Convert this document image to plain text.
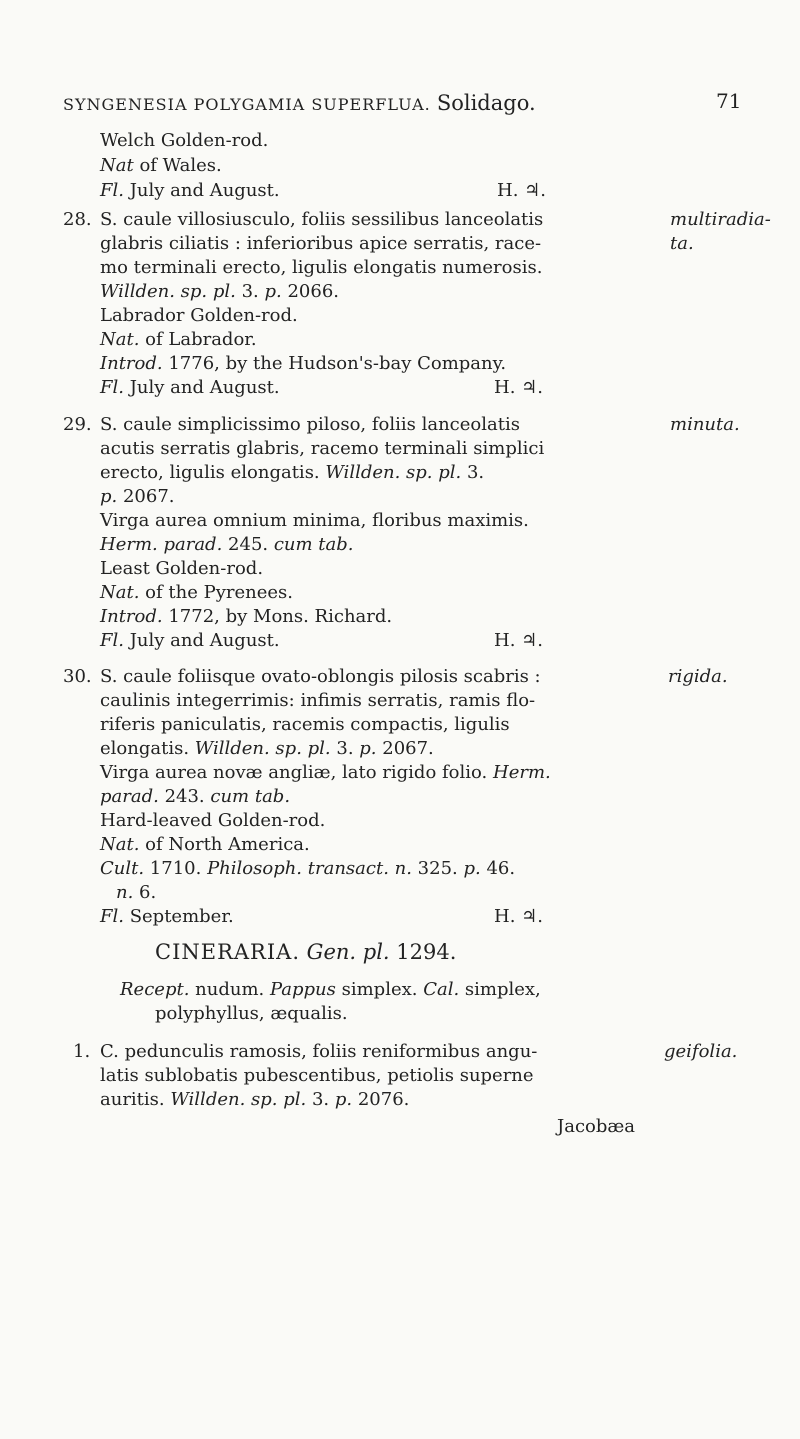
SYNGENESIA POLYGAMIA SUPERFLUA. Solidago.	71
Welch Golden-rod.
Nat of Wales.
Fl. July and August.	H. ♃.
28.	multiradia-
ta.
S. caule villosiusculo, foliis sessilibus lanceolatis
glabris ciliatis : inferioribus apice serratis, race-
mo terminali erecto, ligulis elongatis numerosis.
Willden. sp. pl. 3. p. 2066.
Labrador Golden-rod.
Nat. of Labrador.
Introd. 1776, by the Hudson's-bay Company.
Fl. July and August.	H. ♃.
29.	minuta.
S. caule simplicissimo piloso, foliis lanceolatis
acutis serratis glabris, racemo terminali simplici
erecto, ligulis elongatis. Willden. sp. pl. 3.
p. 2067.
Virga aurea omnium minima, floribus maximis.
Herm. parad. 245. cum tab.
Least Golden-rod.
Nat. of the Pyrenees.
Introd. 1772, by Mons. Richard.
Fl. July and August.	H. ♃.
30.	rigida.
S. caule foliisque ovato-oblongis pilosis scabris :
caulinis integerrimis: infimis serratis, ramis flo-
riferis paniculatis, racemis compactis, ligulis
elongatis. Willden. sp. pl. 3. p. 2067.
Virga aurea novæ angliæ, lato rigido folio. Herm.
parad. 243. cum tab.
Hard-leaved Golden-rod.
Nat. of North America.
Cult. 1710. Philosoph. transact. n. 325. p. 46.
n. 6.
Fl. September.	H. ♃.
CINERARIA. Gen. pl. 1294.
Recept. nudum. Pappus simplex. Cal. simplex,
polyphyllus, æqualis.
1.	geifolia.
C. pedunculis ramosis, foliis reniformibus angu-
latis sublobatis pubescentibus, petiolis superne
auritis. Willden. sp. pl. 3. p. 2076.
Jacobæa
